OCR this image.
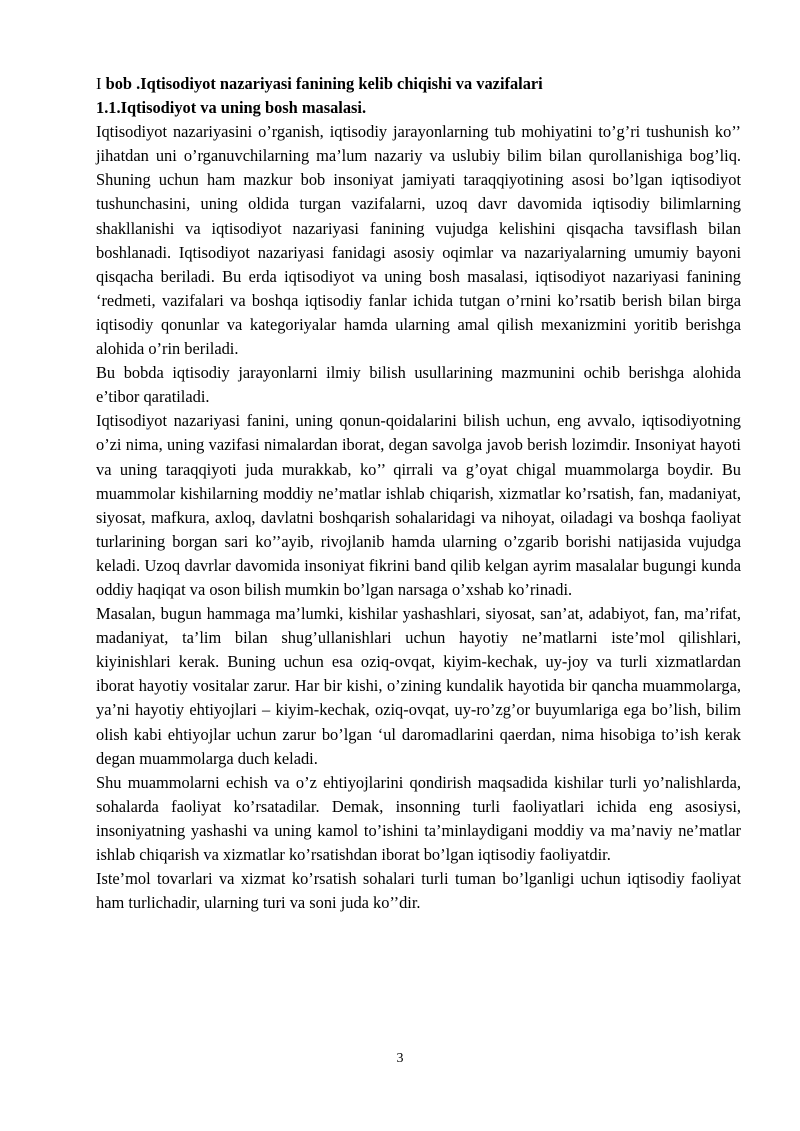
I bob .Iqtisodiyot nazariyasi fanining kelib chiqishi va vazifalari

1.1.Iqtisodiyot va uning bosh masalasi.

Iqtisodiyot nazariyasini o’rganish, iqtisodiy jarayonlarning tub mohiyatini to’g’ri tushunish ko’’ jihatdan uni o’rganuvchilarning ma’lum nazariy va uslubiy bilim bilan qurollanishiga bog’liq. Shuning uchun ham mazkur bob insoniyat jamiyati taraqqiyotining asosi bo’lgan iqtisodiyot tushunchasini, uning oldida turgan vazifalarni, uzoq davr davomida iqtisodiy bilimlarning shakllanishi va iqtisodiyot nazariyasi fanining vujudga kelishini qisqacha tavsiflash bilan boshlanadi. Iqtisodiyot nazariyasi fanidagi asosiy oqimlar va nazariyalarning umumiy bayoni qisqacha beriladi. Bu erda iqtisodiyot va uning bosh masalasi, iqtisodiyot nazariyasi fanining ‘redmeti, vazifalari va boshqa iqtisodiy fanlar ichida tutgan o’rnini ko’rsatib berish bilan birga iqtisodiy qonunlar va kategoriyalar hamda ularning amal qilish mexanizmini yoritib berishga alohida o’rin beriladi.

Bu bobda iqtisodiy jarayonlarni ilmiy bilish usullarining mazmunini ochib berishga alohida e’tibor qaratiladi.

Iqtisodiyot nazariyasi fanini, uning qonun-qoidalarini bilish uchun, eng avvalo, iqtisodiyotning o’zi nima, uning vazifasi nimalardan iborat, degan savolga javob berish lozimdir. Insoniyat hayoti va uning taraqqiyoti juda murakkab, ko’’ qirrali va g’oyat chigal muammolarga boydir. Bu muammolar kishilarning moddiy ne’matlar ishlab chiqarish, xizmatlar ko’rsatish, fan, madaniyat, siyosat, mafkura, axloq, davlatni boshqarish sohalaridagi va nihoyat, oiladagi va boshqa faoliyat turlarining borgan sari ko’’ayib, rivojlanib hamda ularning o’zgarib borishi natijasida vujudga keladi. Uzoq davrlar davomida insoniyat fikrini band qilib kelgan ayrim masalalar bugungi kunda oddiy haqiqat va oson bilish mumkin bo’lgan narsaga o’xshab ko’rinadi.

Masalan, bugun hammaga ma’lumki, kishilar yashashlari, siyosat, san’at, adabiyot, fan, ma’rifat, madaniyat, ta’lim bilan shug’ullanishlari uchun hayotiy ne’matlarni iste’mol qilishlari, kiyinishlari kerak. Buning uchun esa oziq-ovqat, kiyim-kechak, uy-joy va turli xizmatlardan iborat hayotiy vositalar zarur. Har bir kishi, o’zining kundalik hayotida bir qancha muammolarga, ya’ni hayotiy ehtiyojlari – kiyim-kechak, oziq-ovqat, uy-ro’zg’or buyumlariga ega bo’lish, bilim olish kabi ehtiyojlar uchun zarur bo’lgan ‘ul daromadlarini qaerdan, nima hisobiga to’ish kerak degan muammolarga duch keladi.

Shu muammolarni echish va o’z ehtiyojlarini qondirish maqsadida kishilar turli yo’nalishlarda, sohalarda faoliyat ko’rsatadilar. Demak, insonning turli faoliyatlari ichida eng asosiysi, insoniyatning yashashi va uning kamol to’ishini ta’minlaydigani moddiy va ma’naviy ne’matlar ishlab chiqarish va xizmatlar ko’rsatishdan iborat bo’lgan iqtisodiy faoliyatdir.

Iste’mol tovarlari va xizmat ko’rsatish sohalari turli tuman bo’lganligi uchun iqtisodiy faoliyat ham turlichadir, ularning turi va soni juda ko’’dir.

3
